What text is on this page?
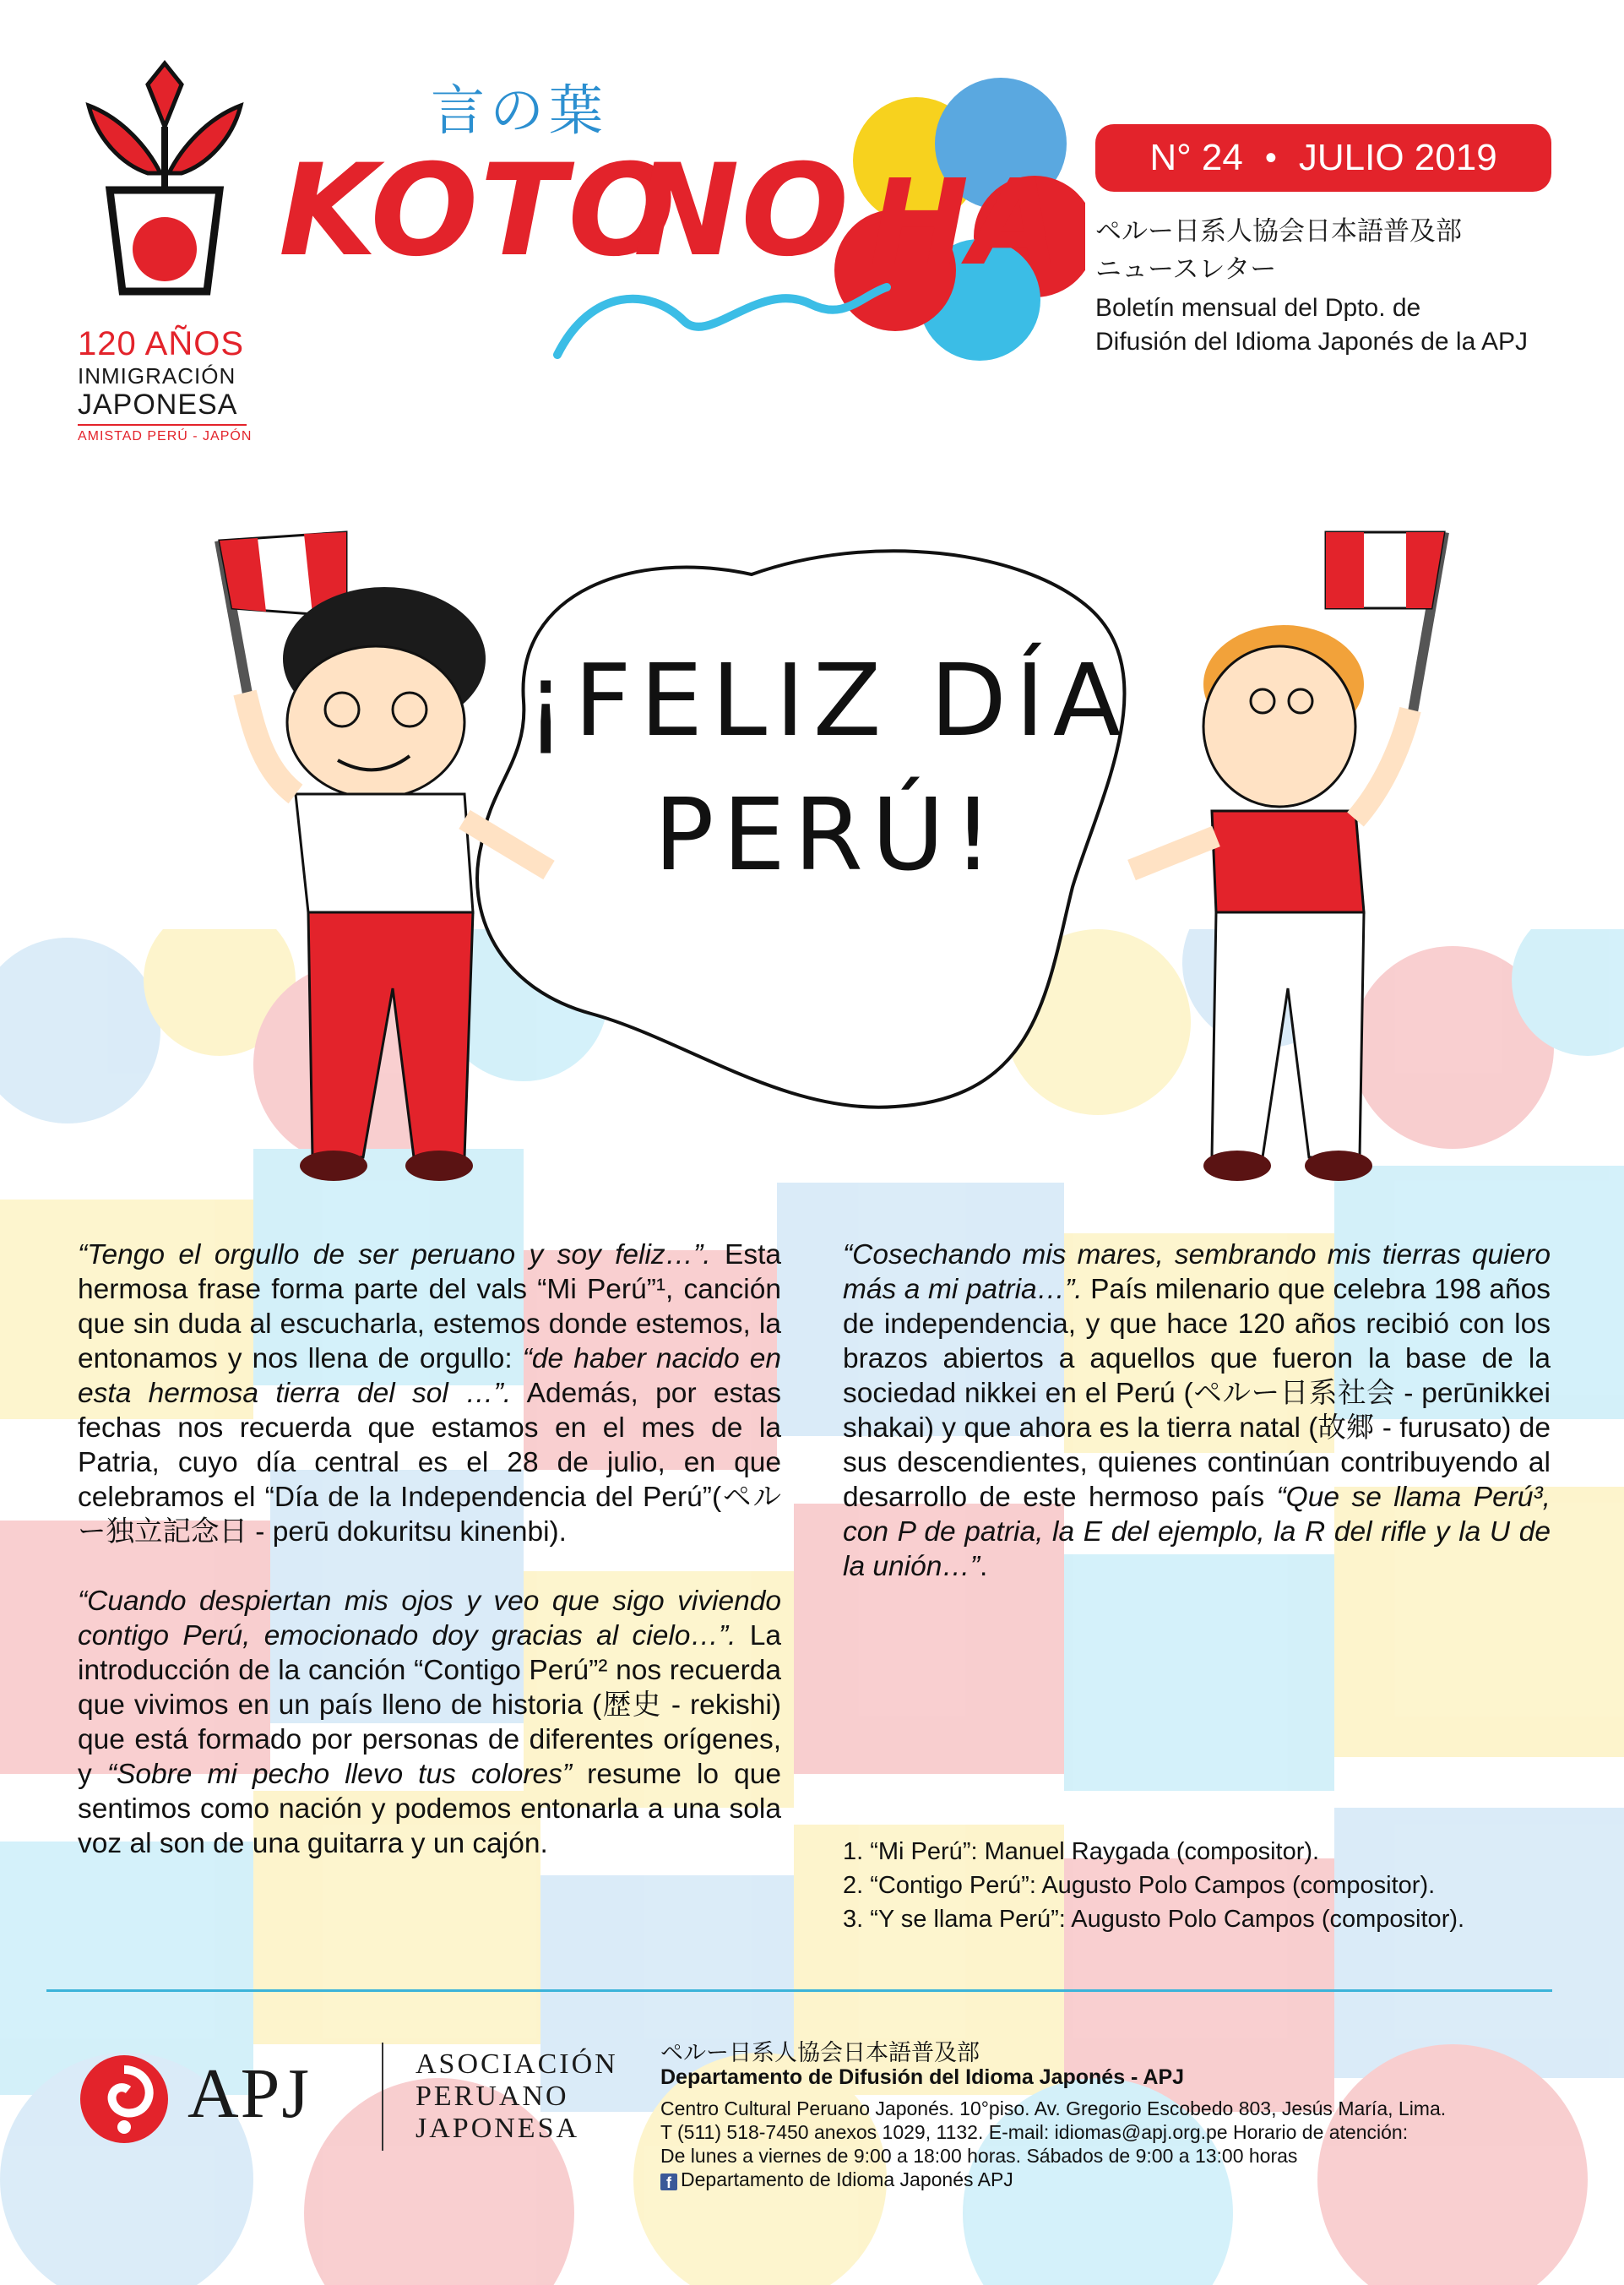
120 AÑOS
INMIGRACIÓN
JAPONESA
AMISTAD PERÚ - JAPÓN
言の葉
KOTO
NO HA N° 24 • JULIO 2019
ペルー日系人協会日本語普及部
ニュースレター
Boletín mensual del Dpto. de
Difusión del Idioma Japonés de la APJ
¡FELIZ DÍA
PERÚ!

“Tengo el orgullo de ser peruano y soy feliz…”. Esta hermosa frase forma parte del vals “Mi Perú”¹, canción que sin duda al escucharla, estemos donde estemos, la entonamos y nos llena de orgullo: “de haber nacido en esta hermosa tierra del sol …”. Además, por estas fechas nos recuerda que estamos en el mes de la Patria, cuyo día central es el 28 de julio, en que celebramos el “Día de la Independencia del Perú”(ペルー独立記念日 - perū dokuritsu kinenbi).

“Cuando despiertan mis ojos y veo que sigo viviendo contigo Perú, emocionado doy gracias al cielo…”. La introducción de la canción “Contigo Perú”² nos recuerda que vivimos en un país lleno de historia (歴史 - rekishi) que está formado por personas de diferentes orígenes, y “Sobre mi pecho llevo tus colores” resume lo que sentimos como nación y podemos entonarla a una sola voz al son de una guitarra y un cajón.

“Cosechando mis mares, sembrando mis tierras quiero más a mi patria…”. País milenario que celebra 198 años de independencia, y que hace 120 años recibió con los brazos abiertos a aquellos que fueron la base de la sociedad nikkei en el Perú (ペルー日系社会 - perūnikkei shakai) y que ahora es la tierra natal (故郷 - furusato) de sus descendientes, quienes continúan contribuyendo al desarrollo de este hermoso país “Que se llama Perú³, con P de patria, la E del ejemplo, la R del rifle y la U de la unión…”.

1. “Mi Perú”: Manuel Raygada (compositor).
2. “Contigo Perú”: Augusto Polo Campos (compositor).
3. “Y se llama Perú”: Augusto Polo Campos (compositor).
APJ	ASOCIACIÓN
PERUANO
JAPONESA
ペルー日系人協会日本語普及部
Departamento de Difusión del Idioma Japonés - APJ
Centro Cultural Peruano Japonés. 10°piso. Av. Gregorio Escobedo 803, Jesús María, Lima.
T (511) 518-7450 anexos 1029, 1132. E-mail: idiomas@apj.org.pe Horario de atención:
De lunes a viernes de 9:00 a 18:00 horas. Sábados de 9:00 a 13:00 horas
f Departamento de Idioma Japonés APJ
